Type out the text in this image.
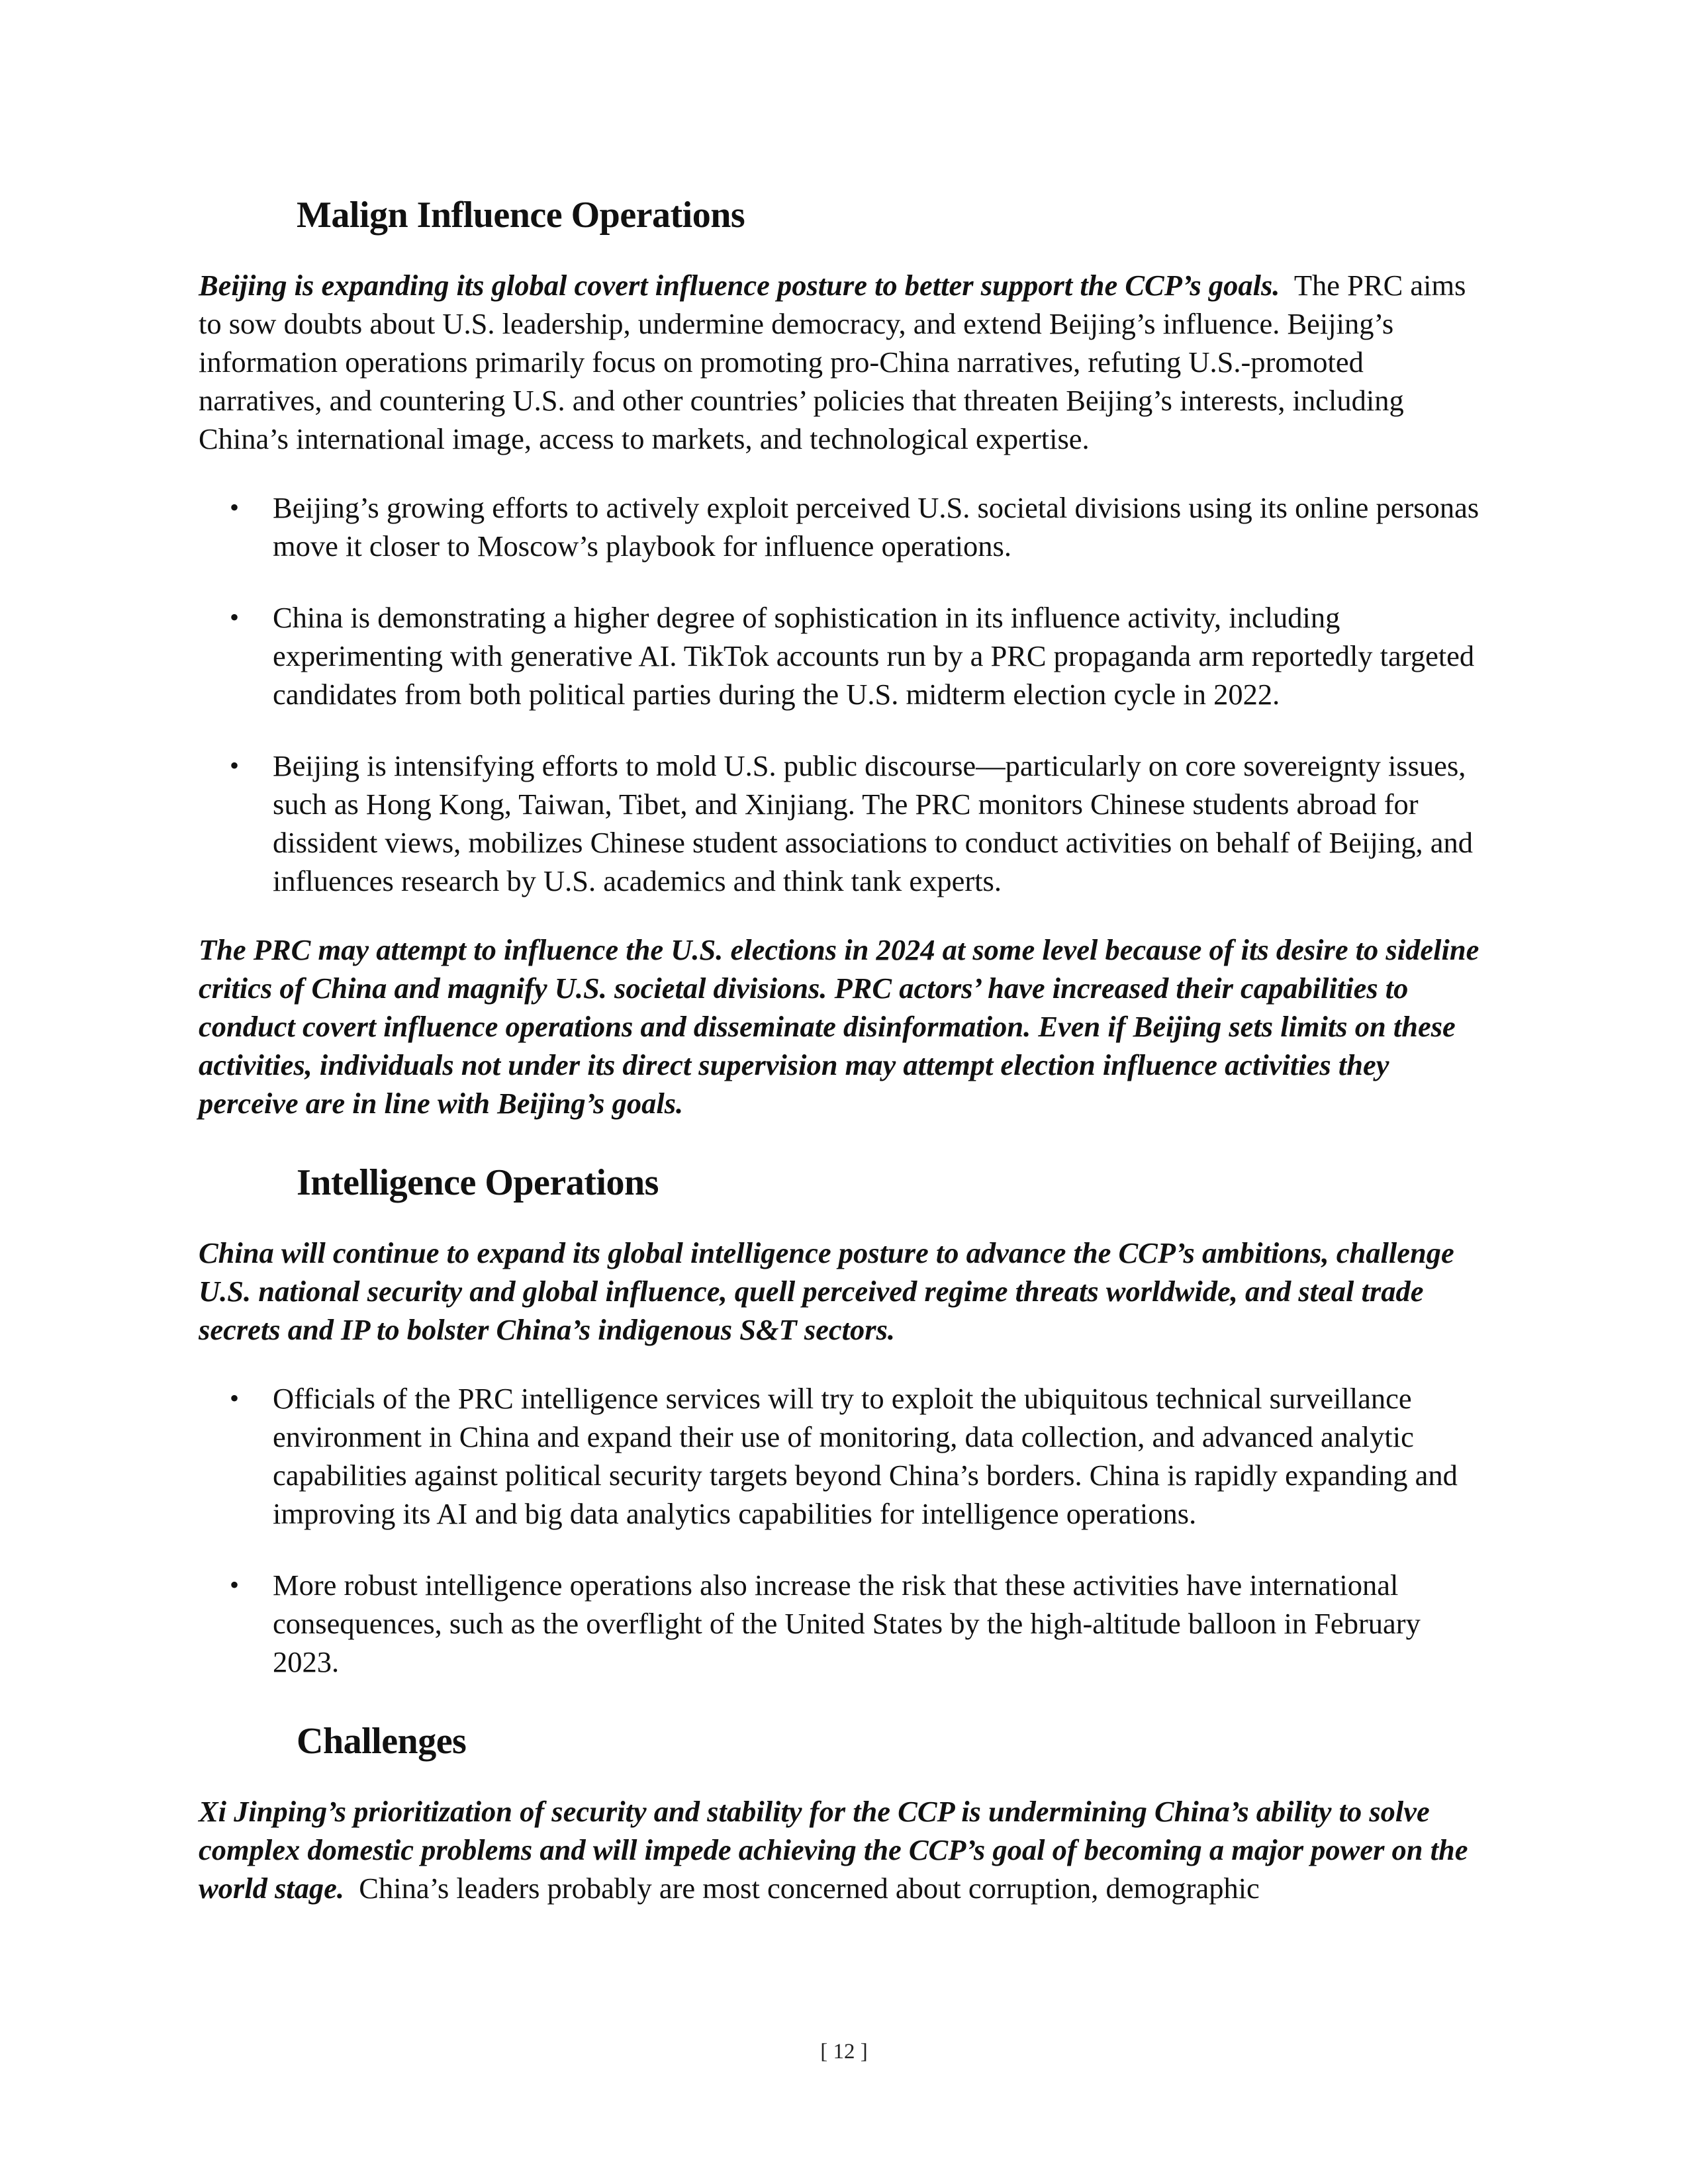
Malign Influence Operations

Beijing is expanding its global covert influence posture to better support the CCP’s goals. The PRC aims to sow doubts about U.S. leadership, undermine democracy, and extend Beijing’s influence. Beijing’s information operations primarily focus on promoting pro-China narratives, refuting U.S.-promoted narratives, and countering U.S. and other countries’ policies that threaten Beijing’s interests, including China’s international image, access to markets, and technological expertise.

• Beijing’s growing efforts to actively exploit perceived U.S. societal divisions using its online personas move it closer to Moscow’s playbook for influence operations.
• China is demonstrating a higher degree of sophistication in its influence activity, including experimenting with generative AI. TikTok accounts run by a PRC propaganda arm reportedly targeted candidates from both political parties during the U.S. midterm election cycle in 2022.
• Beijing is intensifying efforts to mold U.S. public discourse—particularly on core sovereignty issues, such as Hong Kong, Taiwan, Tibet, and Xinjiang. The PRC monitors Chinese students abroad for dissident views, mobilizes Chinese student associations to conduct activities on behalf of Beijing, and influences research by U.S. academics and think tank experts.

The PRC may attempt to influence the U.S. elections in 2024 at some level because of its desire to sideline critics of China and magnify U.S. societal divisions. PRC actors’ have increased their capabilities to conduct covert influence operations and disseminate disinformation. Even if Beijing sets limits on these activities, individuals not under its direct supervision may attempt election influence activities they perceive are in line with Beijing’s goals.

Intelligence Operations

China will continue to expand its global intelligence posture to advance the CCP’s ambitions, challenge U.S. national security and global influence, quell perceived regime threats worldwide, and steal trade secrets and IP to bolster China’s indigenous S&T sectors.

• Officials of the PRC intelligence services will try to exploit the ubiquitous technical surveillance environment in China and expand their use of monitoring, data collection, and advanced analytic capabilities against political security targets beyond China’s borders. China is rapidly expanding and improving its AI and big data analytics capabilities for intelligence operations.
• More robust intelligence operations also increase the risk that these activities have international consequences, such as the overflight of the United States by the high-altitude balloon in February 2023.
Challenges

Xi Jinping’s prioritization of security and stability for the CCP is undermining China’s ability to solve complex domestic problems and will impede achieving the CCP’s goal of becoming a major power on the world stage. China’s leaders probably are most concerned about corruption, demographic

[ 12 ]
